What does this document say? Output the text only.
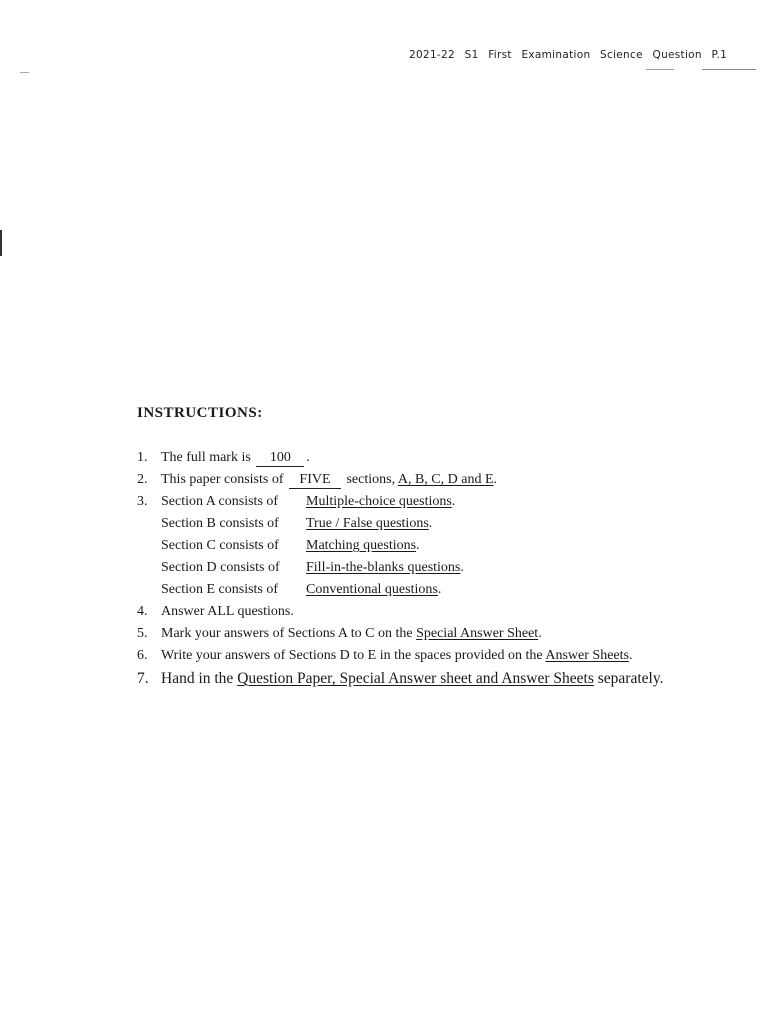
2021-22 S1 First Examination Science Question P.1
INSTRUCTIONS:
1. The full mark is 100 .
2. This paper consists of FIVE sections, A, B, C, D and E.
3. Section A consists of Multiple-choice questions.
Section B consists of True / False questions.
Section C consists of Matching questions.
Section D consists of Fill-in-the-blanks questions.
Section E consists of Conventional questions.
4. Answer ALL questions.
5. Mark your answers of Sections A to C on the Special Answer Sheet.
6. Write your answers of Sections D to E in the spaces provided on the Answer Sheets.
7. Hand in the Question Paper, Special Answer sheet and Answer Sheets separately.
